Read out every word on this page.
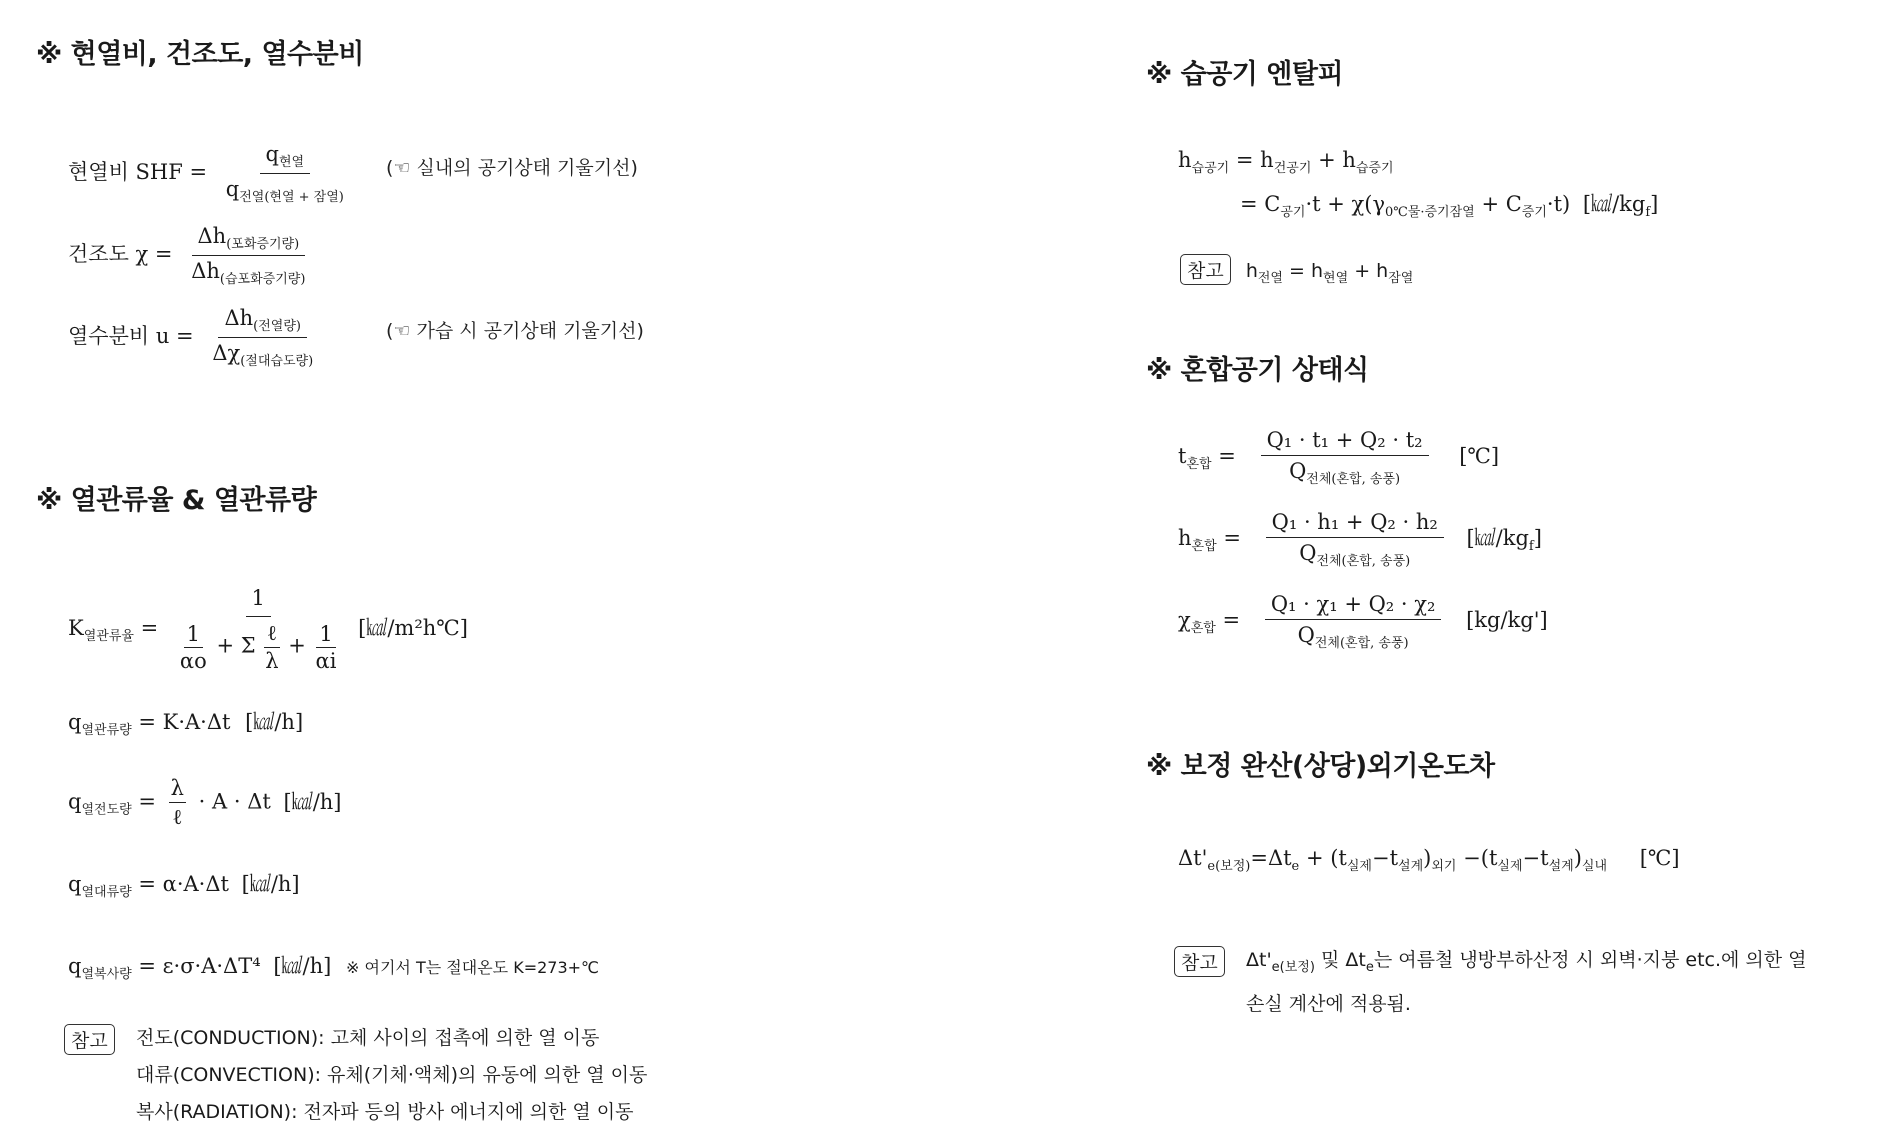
※ 현열비, 건조도, 열수분비
현열비 SHF = $\frac{q_{현열}}{q_{전열(현열 + 잠열)}}$ (☜ 실내의 공기상태 기울기선)
건조도 $\chi = \frac{\Delta h_{(포화증기량)}}{\Delta h_{(습포화증기량)}}$
열수분비 $u = \frac{\Delta h_{(전열량)}}{\Delta\chi_{(절대습도량)}}$	(☜ 가습 시 공기상태 기울기선)
※ 열관류율 & 열관류량
$K_{열관류율} = \frac{1}{\frac{1}{\alpha o} + \Sigma \frac{\text{ℓ}}{\lambda} + \frac{1}{\alpha i}}$ [㎉/m²h℃]
$q_{열관류량} = K\cdot A\cdot\Delta t$ [㎉/h]
$q_{열전도량} = \frac{\lambda}{\text{ℓ}} \cdot A \cdot \Delta t$ [㎉/h]
$q_{열대류량} = \alpha\cdot A\cdot\Delta t$ [㎉/h]
$q_{열복사량} = \varepsilon\cdot\sigma\cdot A\cdot\Delta T^4$ [㎉/h] ※ 여기서 T는 절대온도 K=273+℃
참고	전도(CONDUCTION): 고체 사이의 접촉에 의한 열 이동
대류(CONVECTION): 유체(기체·액체)의 유동에 의한 열 이동
복사(RADIATION): 전자파 등의 방사 에너지에 의한 열 이동
※ 습공기 엔탈피
$h_{습공기} = h_{건공기} + h_{습증기}$
= $C_{공기}\cdot t + \chi(\gamma_{0℃물\cdot 증기잠열} + C_{증기}\cdot t)$ $[㎉/kg_f]$
참고 $h_{전열} = h_{현열} + h_{잠열}$
※ 혼합공기 상태식
$t_{혼합} = \frac{\text{Q₁ · t₁ + Q₂ · t₂}}{Q_{전체(혼합, 송풍)}}$ [℃]
$h_{혼합} = \frac{\text{Q₁ · h₁ + Q₂ · h₂}}{Q_{전체(혼합, 송풍)}}$ $[㎉/kg_f]$
$\chi_{혼합} = \frac{\text{Q₁ · χ₁ + Q₂ · χ₂}}{Q_{전체(혼합, 송풍)}} [kg/kg']$
※ 보정 완산(상당)외기온도차
$\Delta t'_{e(보정)}=\Delta t_e + (t_{실제}-t_{설계})_{외기} -(t_{실제}-t_{설계})_{실내}$ [℃]
참고	$\Delta t'_{e(보정)}$ 및 $\Delta t_e$는 여름철 냉방부하산정 시 외벽·지붕 etc.에 의한 열
손실 계산에 적용됨.
